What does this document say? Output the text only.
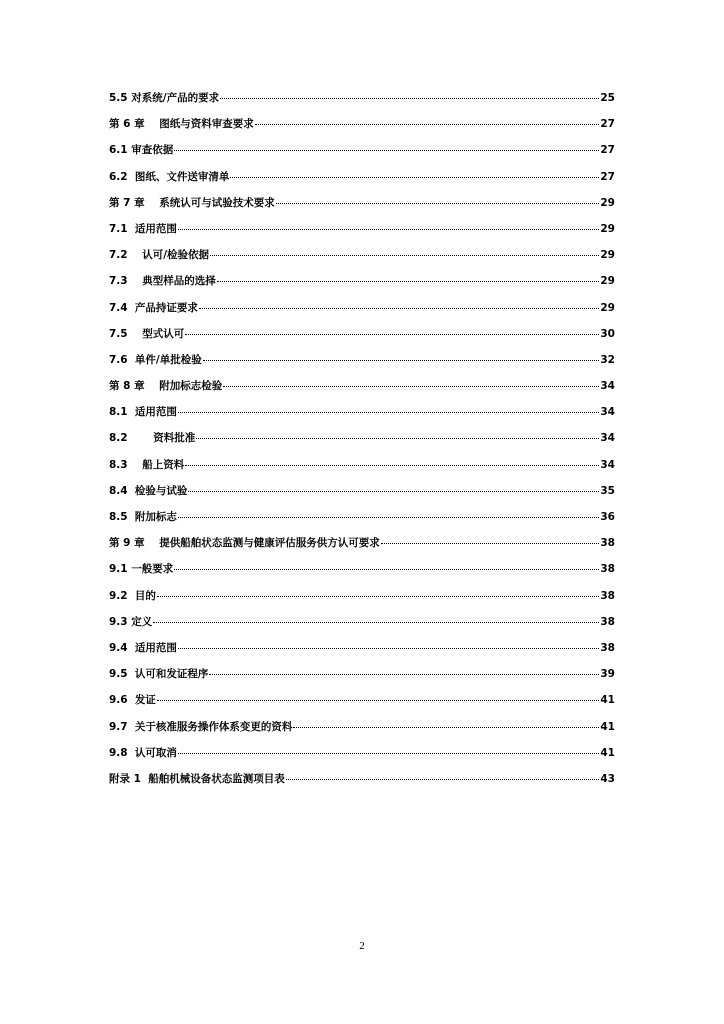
5.5 对系统/产品的要求	25
第 6 章    图纸与资料审查要求	27
6.1 审查依据	27
6.2  图纸、文件送审清单	27
第 7 章    系统认可与试验技术要求	29
7.1  适用范围	29
7.2    认可/检验依据	29
7.3    典型样品的选择	29
7.4  产品持证要求	29
7.5    型式认可	30
7.6  单件/单批检验	32
第 8 章    附加标志检验	34
8.1  适用范围	34
8.2       资料批准	34
8.3    船上资料	34
8.4  检验与试验	35
8.5  附加标志	36
第 9 章    提供船舶状态监测与健康评估服务供方认可要求	38
9.1 一般要求	38
9.2  目的	38
9.3 定义	38
9.4  适用范围	38
9.5  认可和发证程序	39
9.6  发证	41
9.7  关于核准服务操作体系变更的资料	41
9.8  认可取消	41
附录 1  船舶机械设备状态监测项目表	43
2
